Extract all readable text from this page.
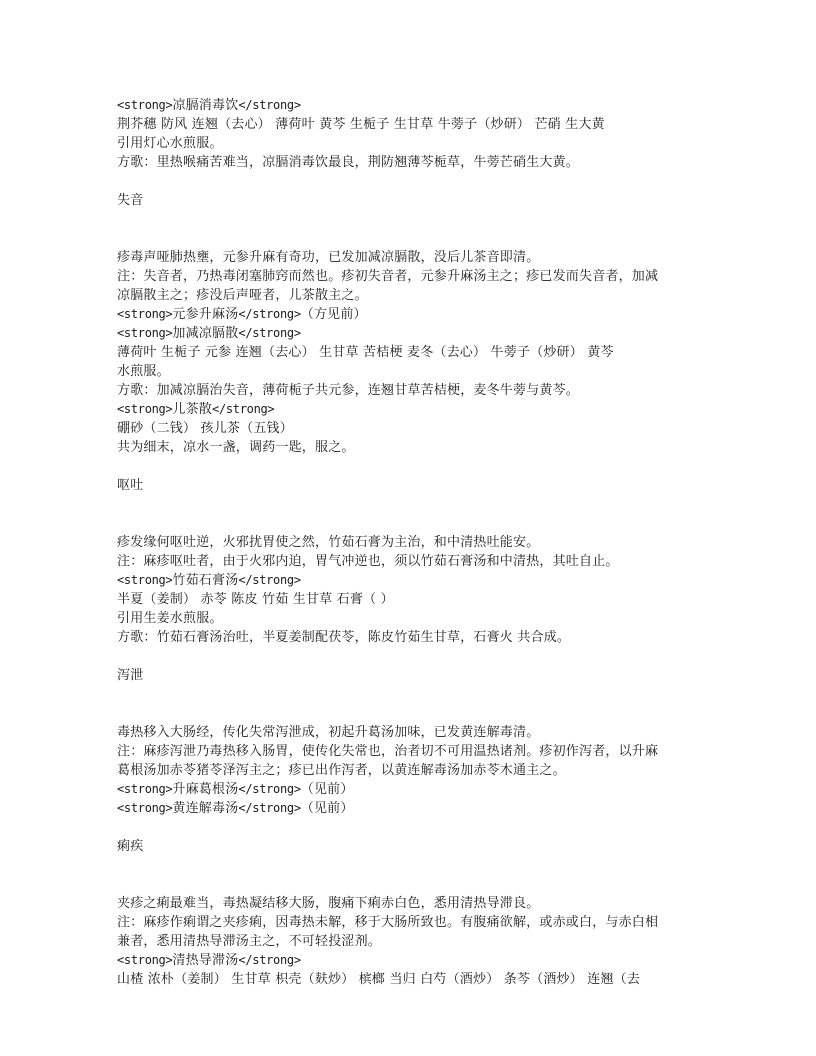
<strong>凉膈消毒饮</strong>
荆芥穗 防风 连翘（去心） 薄荷叶 黄芩 生栀子 生甘草 牛蒡子（炒研） 芒硝 生大黄
引用灯心水煎服。
方歌：里热喉痛苦难当，凉膈消毒饮最良，荆防翘薄芩栀草，牛蒡芒硝生大黄。
失音
疹毒声哑肺热壅，元参升麻有奇功，已发加减凉膈散，没后儿茶音即清。
注：失音者，乃热毒闭塞肺窍而然也。疹初失音者，元参升麻汤主之；疹已发而失音者，加减
凉膈散主之；疹没后声哑者，儿茶散主之。
<strong>元参升麻汤</strong>（方见前）
<strong>加减凉膈散</strong>
薄荷叶 生栀子 元参 连翘（去心） 生甘草 苦桔梗 麦冬（去心） 牛蒡子（炒研） 黄芩
水煎服。
方歌：加减凉膈治失音，薄荷栀子共元参，连翘甘草苦桔梗，麦冬牛蒡与黄芩。
<strong>儿茶散</strong>
硼砂（二钱） 孩儿茶（五钱）
共为细末，凉水一盏，调药一匙，服之。
呕吐
疹发缘何呕吐逆，火邪扰胃使之然，竹茹石膏为主治，和中清热吐能安。
注：麻疹呕吐者，由于火邪内迫，胃气冲逆也，须以竹茹石膏汤和中清热，其吐自止。
<strong>竹茹石膏汤</strong>
半夏（姜制） 赤苓 陈皮 竹茹 生甘草 石膏（ ）
引用生姜水煎服。
方歌：竹茹石膏汤治吐，半夏姜制配茯苓，陈皮竹茹生甘草，石膏火 共合成。
泻泄
毒热移入大肠经，传化失常泻泄成，初起升葛汤加味，已发黄连解毒清。
注：麻疹泻泄乃毒热移入肠胃，使传化失常也，治者切不可用温热诸剂。疹初作泻者，以升麻
葛根汤加赤苓猪苓泽泻主之；疹已出作泻者，以黄连解毒汤加赤苓木通主之。
<strong>升麻葛根汤</strong>（见前）
<strong>黄连解毒汤</strong>（见前）
痢疾
夹疹之痢最难当，毒热凝结移大肠，腹痛下痢赤白色，悉用清热导滞良。
注：麻疹作痢谓之夹疹痢，因毒热未解，移于大肠所致也。有腹痛欲解，或赤或白，与赤白相
兼者，悉用清热导滞汤主之，不可轻投涩剂。
<strong>清热导滞汤</strong>
山楂 浓朴（姜制） 生甘草 枳壳（麸炒） 槟榔 当归 白芍（酒炒） 条芩（酒炒） 连翘（去
